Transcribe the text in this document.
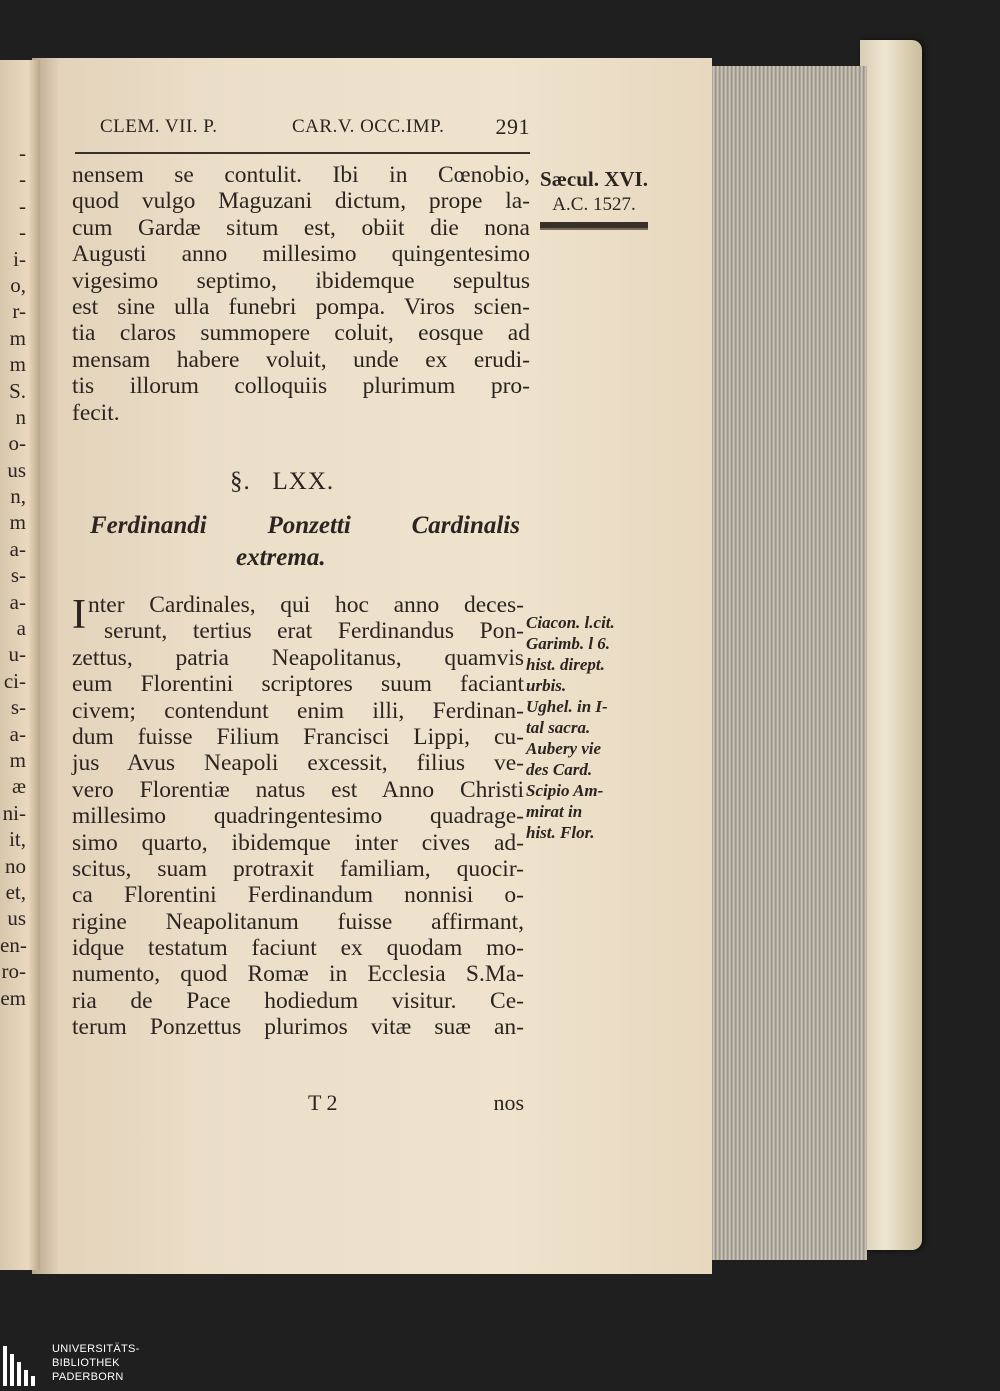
-
-
-
-
i-
o,
r-
m
m
S.
n
o-
us
n,
m
a-
s-
a-
a
u-
ci-
s-
a-
m
æ
ni-
it,
no
et,
us
en-
ro-
em
CLEM. VII. P.	CAR.V. OCC.IMP. 291
Sæcul. XVI.
A.C. 1527.
nensem se contulit. Ibi in Cœnobio,
quod vulgo Maguzani dictum, prope la-
cum Gardæ situm est, obiit die nona
Augusti anno millesimo quingentesimo
vigesimo septimo, ibidemque sepultus
est sine ulla funebri pompa. Viros scien-
tia claros summopere coluit, eosque ad
mensam habere voluit, unde ex erudi-
tis illorum colloquiis plurimum pro-
fecit.
§. LXX.
Ferdinandi Ponzetti Cardinalis
extrema.
I nter Cardinales, qui hoc anno deces-
serunt, tertius erat Ferdinandus Pon-
zettus, patria Neapolitanus, quamvis
eum Florentini scriptores suum faciant
civem; contendunt enim illi, Ferdinan-
dum fuisse Filium Francisci Lippi, cu-
jus Avus Neapoli excessit, filius ve-
vero Florentiæ natus est Anno Christi
millesimo quadringentesimo quadrage-
simo quarto, ibidemque inter cives ad-
scitus, suam protraxit familiam, quocir-
ca Florentini Ferdinandum nonnisi o-
rigine Neapolitanum fuisse affirmant,
idque testatum faciunt ex quodam mo-
numento, quod Romæ in Ecclesia S.Ma-
ria de Pace hodiedum visitur. Ce-
terum Ponzettus plurimos vitæ suæ an-
Ciacon. l.cit.
Garimb. l 6.
hist. dirept.
urbis.
Ughel. in I-
tal sacra.
Aubery vie
des Card.
Scipio Am-
mirat in
hist. Flor.
T 2	nos
UNIVERSITÄTS-
BIBLIOTHEK
PADERBORN
